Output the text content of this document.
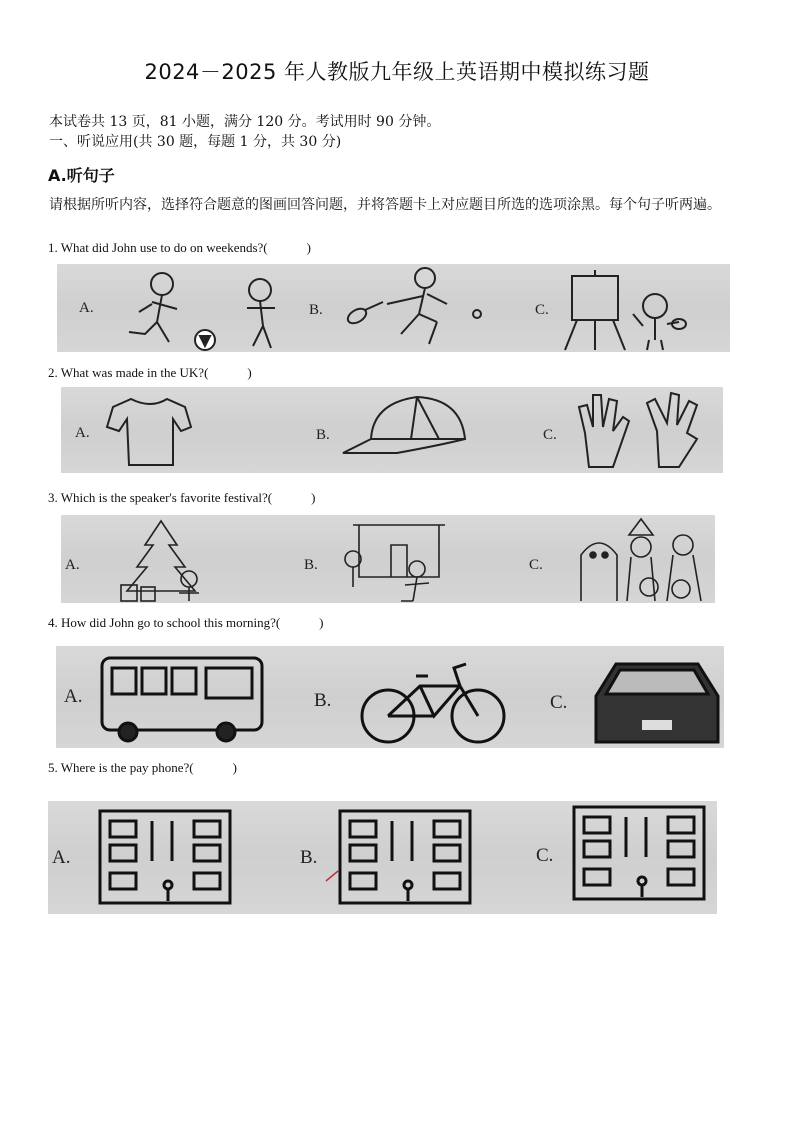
2024－2025 年人教版九年级上英语期中模拟练习题
本试卷共 13 页，81 小题，满分 120 分。考试用时 90 分钟。
一、听说应用(共 30 题，每题 1 分，共 30 分)
A.听句子
请根据所听内容，选择符合题意的图画回答问题，并将答题卡上对应题目所选的选项涂黑。每个句子听两遍。
1. What did John use to do on weekends?(　　　)
A.	B.	C.
2. What was made in the UK?(　　　)
A.	B.	C.
3. Which is the speaker's favorite festival?(　　　)
A.	B.	C.
4. How did John go to school this morning?(　　　)
A.	B.	C.
5. Where is the pay phone?(　　　)
A.	B.	C.
